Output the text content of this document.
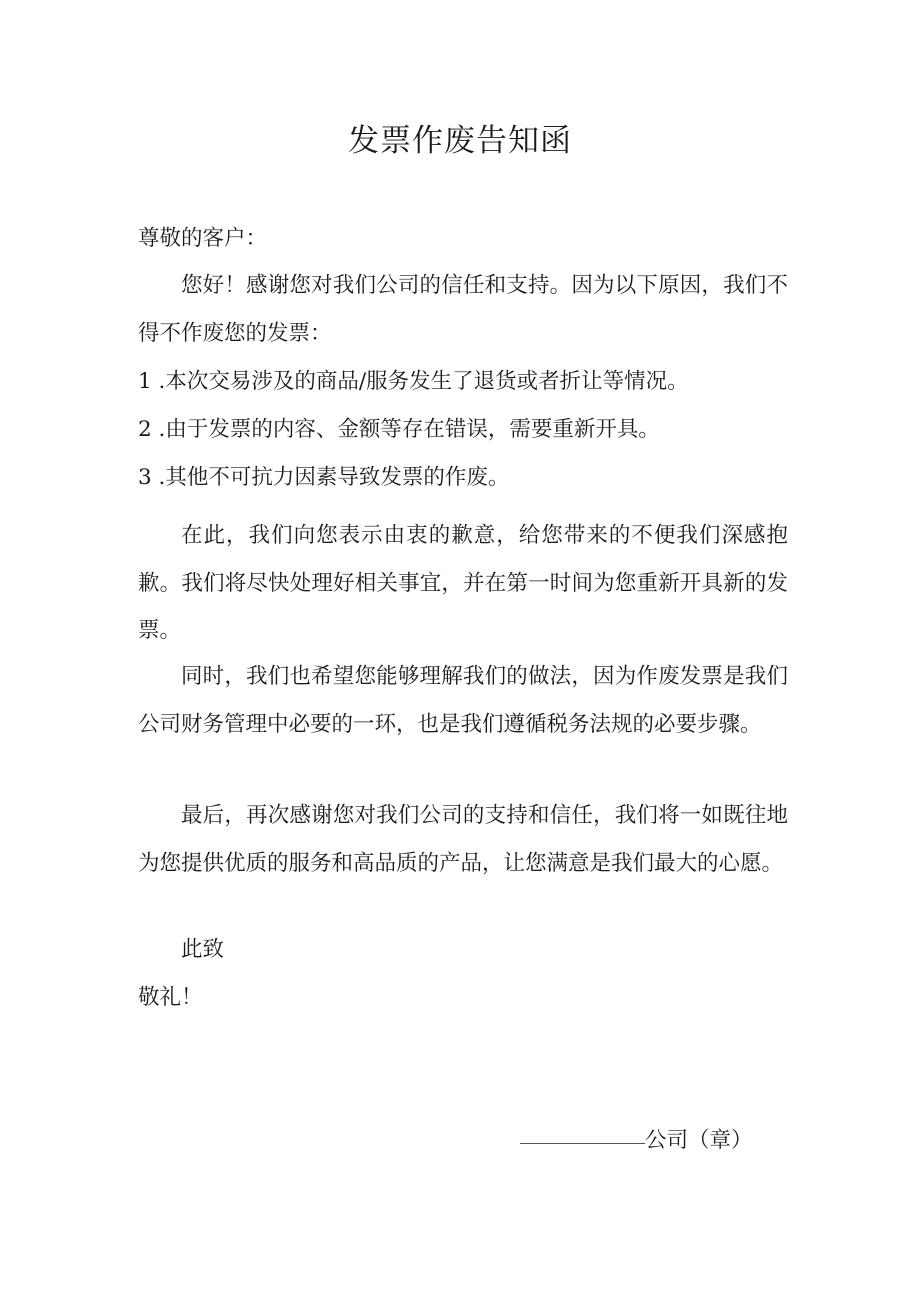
发票作废告知函

尊敬的客户：

您好！感谢您对我们公司的信任和支持。因为以下原因，我们不得不作废您的发票：

1 .本次交易涉及的商品/服务发生了退货或者折让等情况。
2 .由于发票的内容、金额等存在错误，需要重新开具。
3 .其他不可抗力因素导致发票的作废。

在此，我们向您表示由衷的歉意，给您带来的不便我们深感抱歉。我们将尽快处理好相关事宜，并在第一时间为您重新开具新的发票。

同时，我们也希望您能够理解我们的做法，因为作废发票是我们公司财务管理中必要的一环，也是我们遵循税务法规的必要步骤。

最后，再次感谢您对我们公司的支持和信任，我们将一如既往地为您提供优质的服务和高品质的产品，让您满意是我们最大的心愿。

此致

敬礼！

公司（章）
